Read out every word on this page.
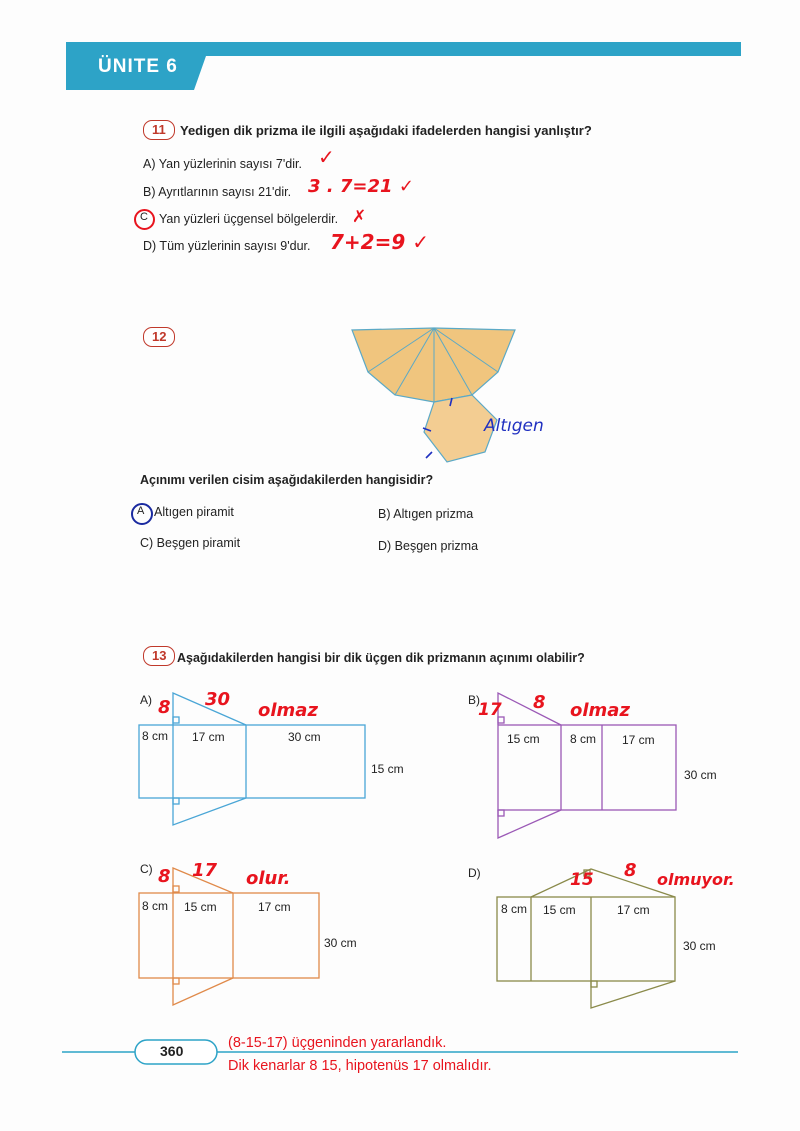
ÜNITE 6
11	Yedigen dik prizma ile ilgili aşağıdaki ifadelerden hangisi yanlıştır?
A) Yan yüzlerinin sayısı 7'dir. ✓
B) Ayrıtlarının sayısı 21'dir. 3 . 7=21 ✓
C Yan yüzleri üçgensel bölgelerdir. ✗
D) Tüm yüzlerinin sayısı 9'dur. 7+2=9 ✓
12
Altıgen
Açınımı verilen cisim aşağıdakilerden hangisidir?
A Altıgen piramit	B) Altıgen prizma
C) Beşgen piramit	D) Beşgen prizma
13 Aşağıdakilerden hangisi bir dik üçgen dik prizmanın açınımı olabilir?
A)
8 cm 17 cm	30 cm
15 cm
8 30
olmaz	B)
15 cm	8 cm 17 cm
30 cm
17 8 olmaz
C)
8 cm 15 cm	17 cm
30 cm
8 17 olur.	D)
8 cm 15 cm	17 cm
30 cm
15 8 olmuyor.
360	(8-15-17) üçgeninden yararlandık.
Dik kenarlar 8 15, hipotenüs 17 olmalıdır.
